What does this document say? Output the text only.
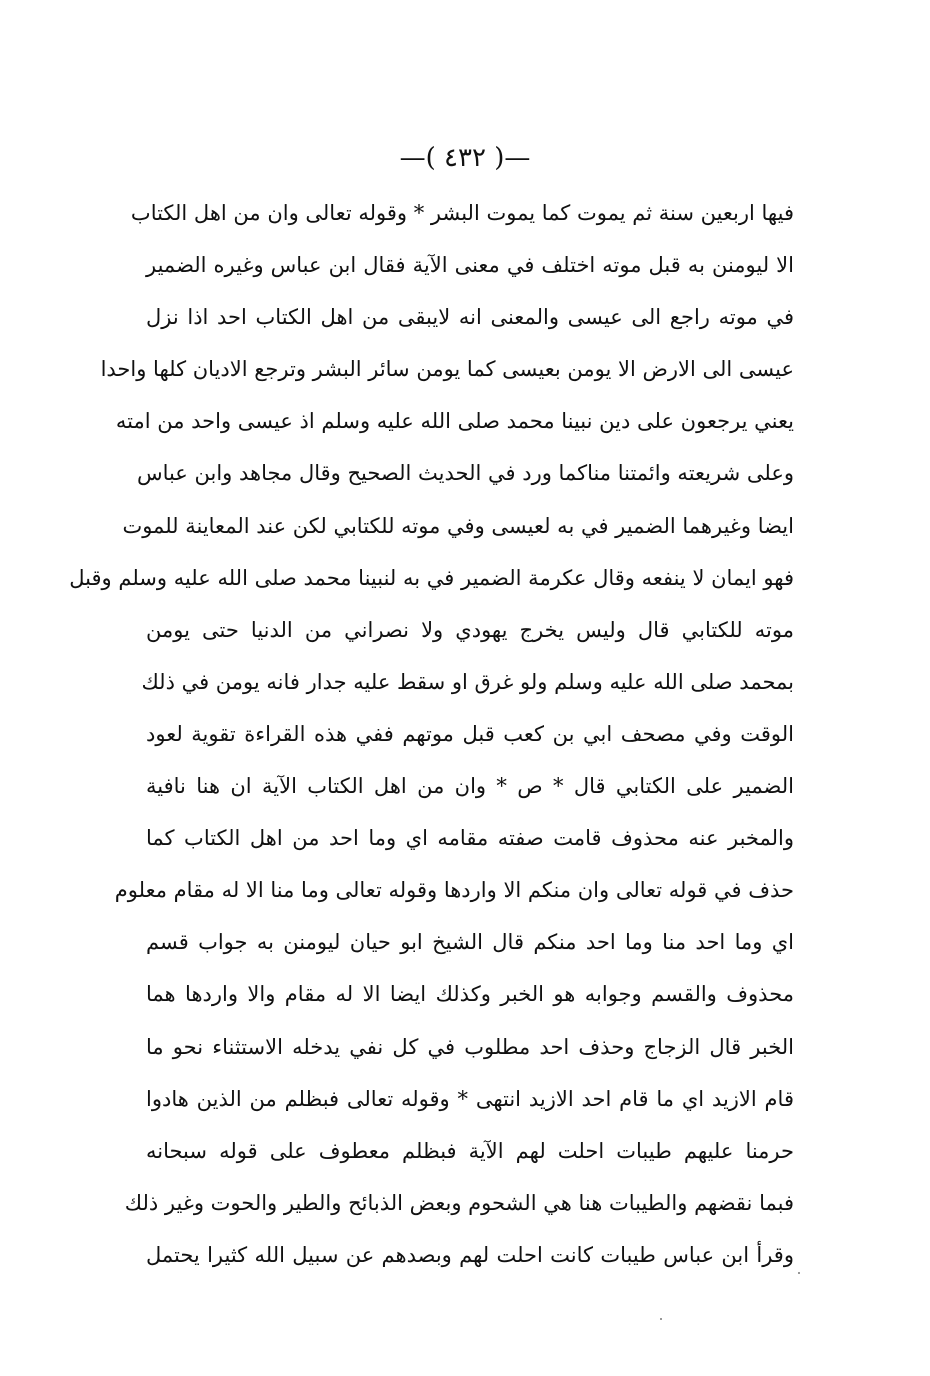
—( ٤٣٢ )—
فيها اربعين سنة ثم يموت كما يموت البشر * وقوله تعالى وان من اهل الكتاب
الا ليومنن به قبل موته اختلف في معنى الآية فقال ابن عباس وغيره الضمير
في موته راجع الى عيسى والمعنى انه لايبقى من اهل الكتاب احد اذا نزل
عيسى الى الارض الا يومن بعيسى كما يومن سائر البشر وترجع الاديان كلها واحدا
يعني يرجعون على دين نبينا محمد صلى الله عليه وسلم اذ عيسى واحد من امته
وعلى شريعته وائمتنا مناكما ورد في الحديث الصحيح وقال مجاهد وابن عباس
ايضا وغيرهما الضمير في به لعيسى وفي موته للكتابي لكن عند المعاينة للموت
فهو ايمان لا ينفعه وقال عكرمة الضمير في به لنبينا محمد صلى الله عليه وسلم وقبل
موته للكتابي قال وليس يخرج يهودي ولا نصراني من الدنيا حتى يومن
بمحمد صلى الله عليه وسلم ولو غرق او سقط عليه جدار فانه يومن في ذلك
الوقت وفي مصحف ابي بن كعب قبل موتهم ففي هذه القراءة تقوية لعود
الضمير على الكتابي قال * ص * وان من اهل الكتاب الآية ان هنا نافية
والمخبر عنه محذوف قامت صفته مقامه اي وما احد من اهل الكتاب كما
حذف في قوله تعالى وان منكم الا واردها وقوله تعالى وما منا الا له مقام معلوم
اي وما احد منا وما احد منكم قال الشيخ ابو حيان ليومنن به جواب قسم
محذوف والقسم وجوابه هو الخبر وكذلك ايضا الا له مقام والا واردها هما
الخبر قال الزجاج وحذف احد مطلوب في كل نفي يدخله الاستثناء نحو ما
قام الازيد اي ما قام احد الازيد انتهى * وقوله تعالى فبظلم من الذين هادوا
حرمنا عليهم طيبات احلت لهم الآية فبظلم معطوف على قوله سبحانه
فبما نقضهم والطيبات هنا هي الشحوم وبعض الذبائح والطير والحوت وغير ذلك
وقرأ ابن عباس طيبات كانت احلت لهم وبصدهم عن سبيل الله كثيرا يحتمل
